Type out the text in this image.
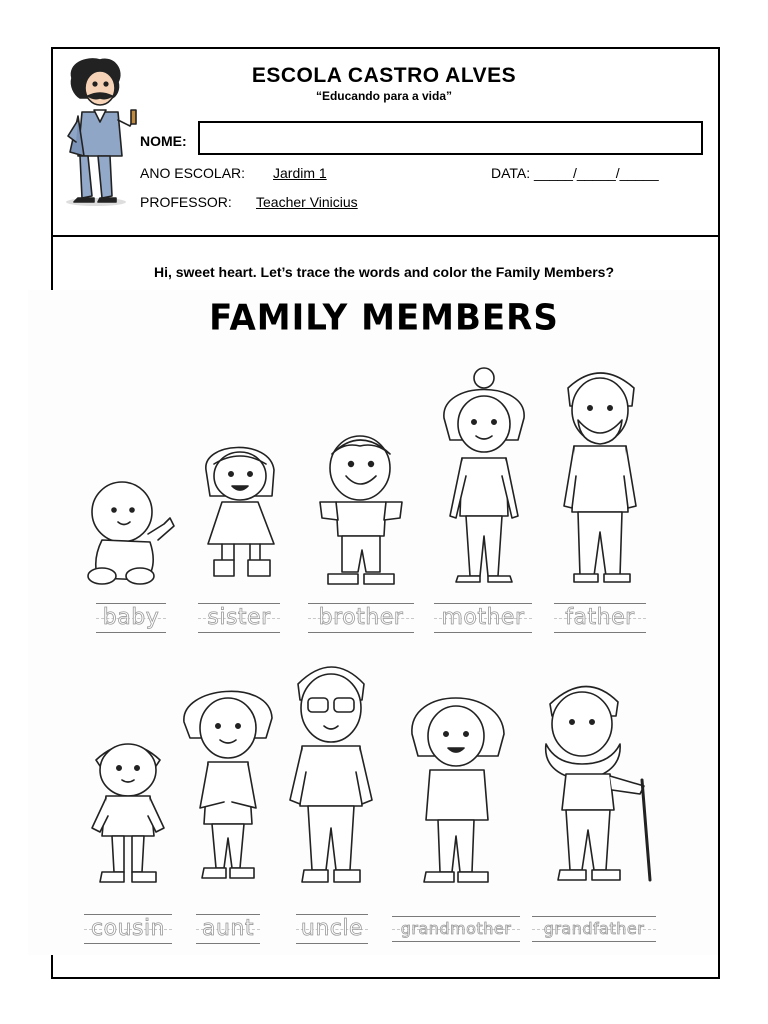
ESCOLA CASTRO ALVES
“Educando para a vida”
NOME:
ANO ESCOLAR: Jardim 1	DATA: _____/_____/_____
PROFESSOR: Teacher Vinicius
Hi, sweet heart. Let’s trace the words and color the Family Members?
FAMILY MEMBERS
baby	sister	brother	mother	father
cousin	aunt uncle	grandmother	grandfather
